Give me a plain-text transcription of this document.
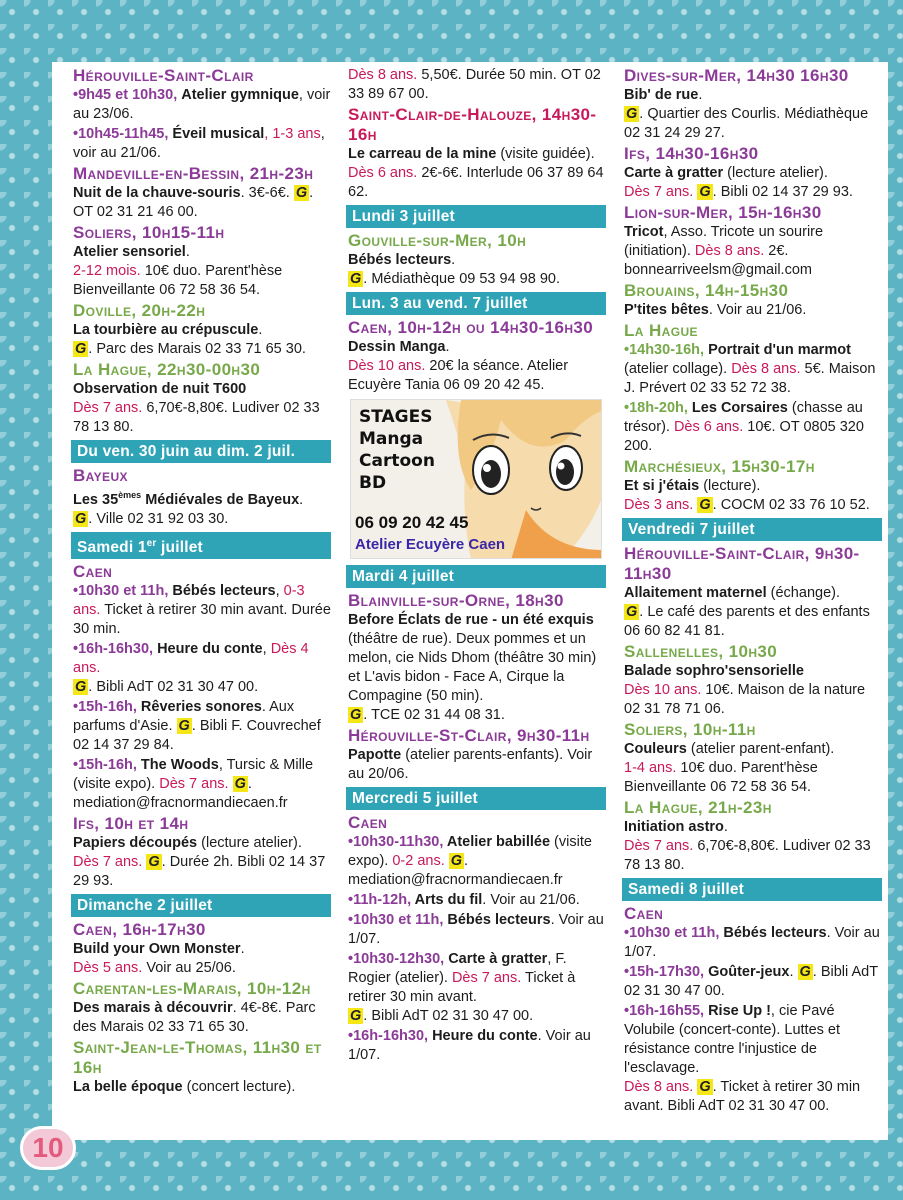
Hérouville-Saint-Clair
•9h45 et 10h30, Atelier gymnique, voir au 23/06.
•10h45-11h45, Éveil musical, 1-3 ans, voir au 21/06.
Mandeville-en-Bessin, 21h-23h
Nuit de la chauve-souris. 3€-6€. G . OT 02 31 21 46 00.
Soliers, 10h15-11h
Atelier sensoriel.
2-12 mois. 10€ duo. Parent'hèse Bienveillante 06 72 58 36 54.
Doville, 20h-22h
La tourbière au crépuscule.
G . Parc des Marais 02 33 71 65 30.
La Hague, 22h30-00h30
Observation de nuit T600
Dès 7 ans. 6,70€-8,80€. Ludiver 02 33 78 13 80.
Du ven. 30 juin au dim. 2 juil.
Bayeux
Les 35èmes Médiévales de Bayeux.
G . Ville 02 31 92 03 30.
Samedi 1er juillet
Caen
•10h30 et 11h, Bébés lecteurs, 0-3 ans. Ticket à retirer 30 min avant. Durée 30 min.
•16h-16h30, Heure du conte, Dès 4 ans.
G . Bibli AdT 02 31 30 47 00.
•15h-16h, Rêveries sonores. Aux parfums d'Asie. G . Bibli F. Couvrechef 02 14 37 29 84.
•15h-16h, The Woods, Tursic & Mille (visite expo). Dès 7 ans. G .
mediation@fracnormandiecaen.fr
Ifs, 10h et 14h
Papiers découpés (lecture atelier).
Dès 7 ans. G . Durée 2h. Bibli 02 14 37 29 93.
Dimanche 2 juillet
Caen, 16h-17h30
Build your Own Monster.
Dès 5 ans. Voir au 25/06.
Carentan-les-Marais, 10h-12h
Des marais à découvrir. 4€-8€. Parc des Marais 02 33 71 65 30.
Saint-Jean-le-Thomas, 11h30 et 16h
La belle époque (concert lecture).
Dès 8 ans. 5,50€. Durée 50 min. OT 02 33 89 67 00.
Saint-Clair-de-Halouze, 14h30-16h
Le carreau de la mine (visite guidée).
Dès 6 ans. 2€-6€. Interlude 06 37 89 64 62.
Lundi 3 juillet
Gouville-sur-Mer, 10h
Bébés lecteurs.
G . Médiathèque 09 53 94 98 90.
Lun. 3 au vend. 7 juillet
Caen, 10h-12h ou 14h30-16h30
Dessin Manga.
Dès 10 ans. 20€ la séance. Atelier Ecuyère Tania 06 09 20 42 45.
STAGES
Manga
Cartoon
BD
06 09 20 42 45
Atelier Ecuyère Caen
Mardi 4 juillet
Blainville-sur-Orne, 18h30
Before Éclats de rue - un été exquis (théâtre de rue). Deux pommes et un melon, cie Nids Dhom (théâtre 30 min) et L'avis bidon - Face A, Cirque la Compagine (50 min).
G . TCE 02 31 44 08 31.
Hérouville-St-Clair, 9h30-11h
Papotte (atelier parents-enfants). Voir au 20/06.
Mercredi 5 juillet
Caen
•10h30-11h30, Atelier babillée (visite expo). 0-2 ans. G .
mediation@fracnormandiecaen.fr
•11h-12h, Arts du fil. Voir au 21/06.
•10h30 et 11h, Bébés lecteurs. Voir au 1/07.
•10h30-12h30, Carte à gratter, F. Rogier (atelier). Dès 7 ans. Ticket à retirer 30 min avant.
G . Bibli AdT 02 31 30 47 00.
•16h-16h30, Heure du conte. Voir au 1/07.
Dives-sur-Mer, 14h30 16h30
Bib' de rue.
G . Quartier des Courlis. Médiathèque 02 31 24 29 27.
Ifs, 14h30-16h30
Carte à gratter (lecture atelier).
Dès 7 ans. G . Bibli 02 14 37 29 93.
Lion-sur-Mer, 15h-16h30
Tricot, Asso. Tricote un sourire (initiation). Dès 8 ans. 2€. bonnearriveelsm@gmail.com
Brouains, 14h-15h30
P'tites bêtes. Voir au 21/06.
La Hague
•14h30-16h, Portrait d'un marmot (atelier collage). Dès 8 ans. 5€. Maison J. Prévert 02 33 52 72 38.
•18h-20h, Les Corsaires (chasse au trésor). Dès 6 ans. 10€. OT 0805 320 200.
Marchésieux, 15h30-17h
Et si j'étais (lecture).
Dès 3 ans. G . COCM 02 33 76 10 52.
Vendredi 7 juillet
Hérouville-Saint-Clair, 9h30-11h30
Allaitement maternel (échange).
G . Le café des parents et des enfants 06 60 82 41 81.
Sallenelles, 10h30
Balade sophro'sensorielle
Dès 10 ans. 10€. Maison de la nature 02 31 78 71 06.
Soliers, 10h-11h
Couleurs (atelier parent-enfant).
1-4 ans. 10€ duo. Parent'hèse Bienveillante 06 72 58 36 54.
La Hague, 21h-23h
Initiation astro.
Dès 7 ans. 6,70€-8,80€. Ludiver 02 33 78 13 80.
Samedi 8 juillet
Caen
•10h30 et 11h, Bébés lecteurs. Voir au 1/07.
•15h-17h30, Goûter-jeux. G . Bibli AdT 02 31 30 47 00.
•16h-16h55, Rise Up !, cie Pavé Volubile (concert-conte). Luttes et résistance contre l'injustice de l'esclavage.
Dès 8 ans. G . Ticket à retirer 30 min avant. Bibli AdT 02 31 30 47 00.
10
